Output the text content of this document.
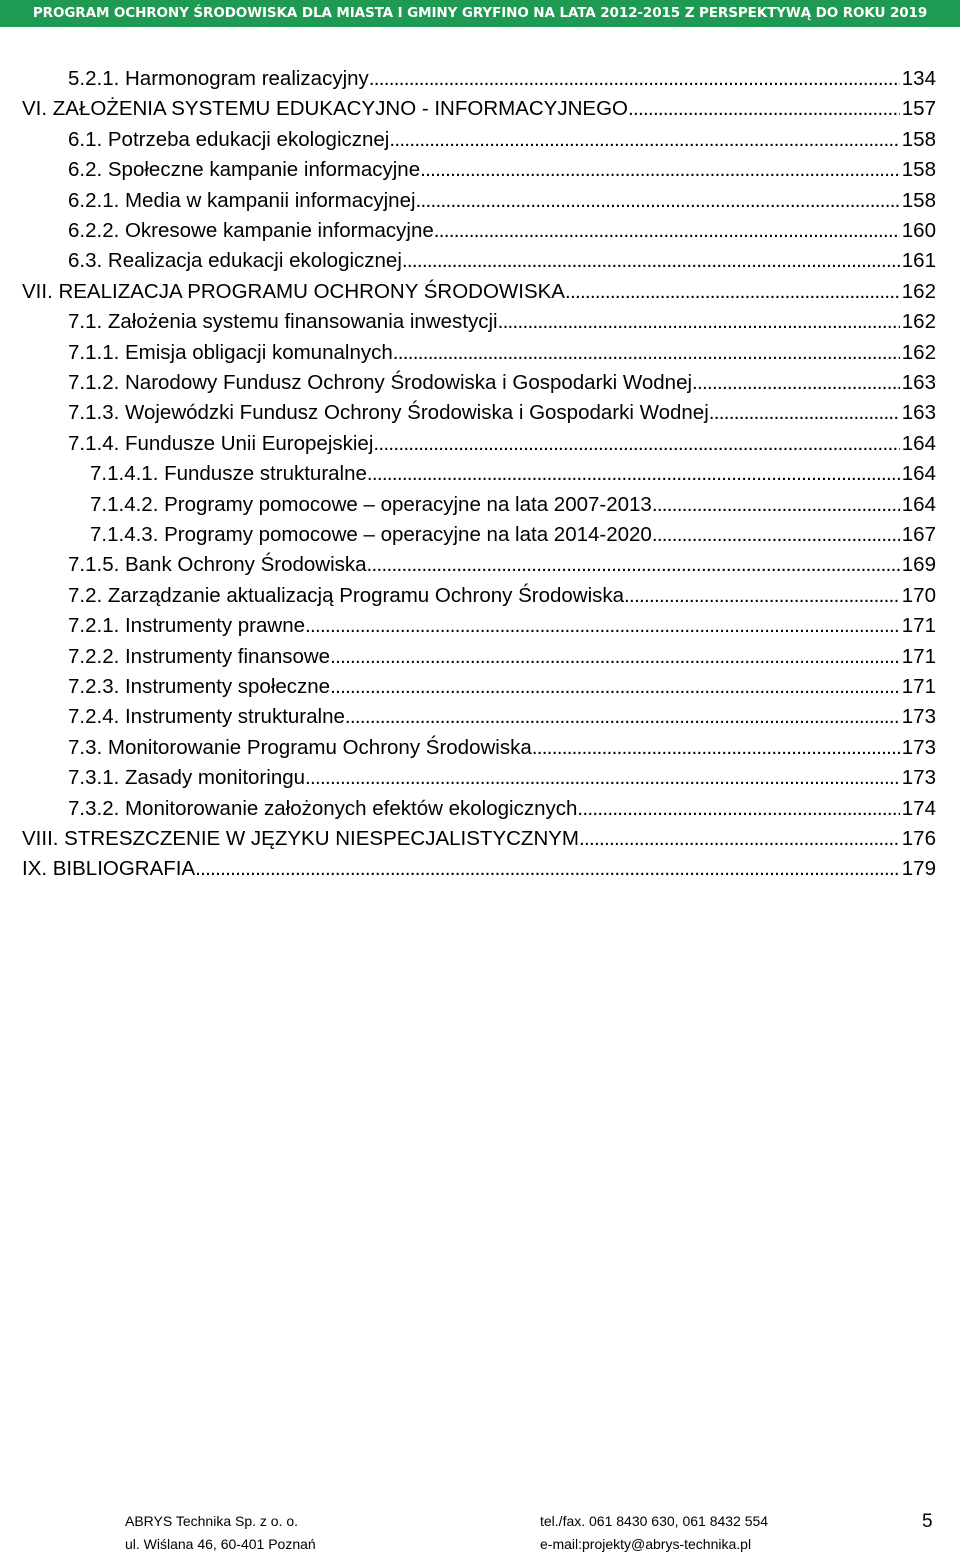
PROGRAM OCHRONY ŚRODOWISKA DLA MIASTA I GMINY GRYFINO NA LATA 2012-2015 Z PERSPEKTYWĄ DO ROKU 2019
5.2.1. Harmonogram realizacyjny . . .	134
VI. ZAŁOŻENIA SYSTEMU EDUKACYJNO - INFORMACYJNEGO . . .	157
6.1. Potrzeba edukacji ekologicznej . . .	158
6.2. Społeczne kampanie informacyjne . . .	158
6.2.1. Media w kampanii informacyjnej . . .	158
6.2.2. Okresowe kampanie informacyjne . . .	160
6.3. Realizacja edukacji ekologicznej . . .	161
VII. REALIZACJA PROGRAMU OCHRONY ŚRODOWISKA . . .	162
7.1. Założenia systemu finansowania inwestycji . . .	162
7.1.1. Emisja obligacji komunalnych . . .	162
7.1.2. Narodowy Fundusz Ochrony Środowiska i Gospodarki Wodnej . . .	163
7.1.3. Wojewódzki Fundusz Ochrony Środowiska i Gospodarki Wodnej . . .	163
7.1.4. Fundusze Unii Europejskiej . . .	164
7.1.4.1. Fundusze strukturalne . . .	164
7.1.4.2. Programy pomocowe – operacyjne na lata 2007-2013 . . .	164
7.1.4.3. Programy pomocowe – operacyjne na lata 2014-2020 . . .	167
7.1.5. Bank Ochrony Środowiska . . .	169
7.2. Zarządzanie aktualizacją Programu Ochrony Środowiska . . .	170
7.2.1. Instrumenty prawne . . .	171
7.2.2. Instrumenty finansowe . . .	171
7.2.3. Instrumenty społeczne . . .	171
7.2.4. Instrumenty strukturalne . . .	173
7.3. Monitorowanie Programu Ochrony Środowiska . . .	173
7.3.1. Zasady monitoringu . . .	173
7.3.2. Monitorowanie założonych efektów ekologicznych . . .	174
VIII. STRESZCZENIE W JĘZYKU NIESPECJALISTYCZNYM . . .	176
IX. BIBLIOGRAFIA . . .	179
ABRYS Technika Sp. z o. o.
ul. Wiślana 46, 60-401 Poznań
tel./fax. 061 8430 630, 061 8432 554
e-mail:projekty@abrys-technika.pl
5
